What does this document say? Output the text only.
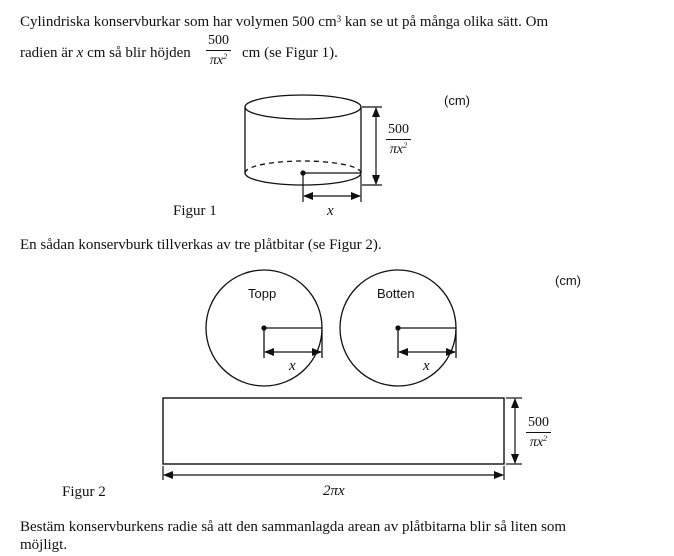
Cylindriska konservburkar som har volymen 500 $cm^3$ kan se ut på många olika sätt. Om
radien är x cm så blir höjden
500
$\pi x^2$ cm (se Figur 1).
500
$\pi x^2$
(cm)
Figur 1	x
En sådan konservburk tillverkas av tre plåtbitar (se Figur 2).
(cm)
Topp	Botten
x	x
500
$\pi x^2$
Figur 2	2πx
Bestäm konservburkens radie så att den sammanlagda arean av plåtbitarna blir så liten som
möjligt.
